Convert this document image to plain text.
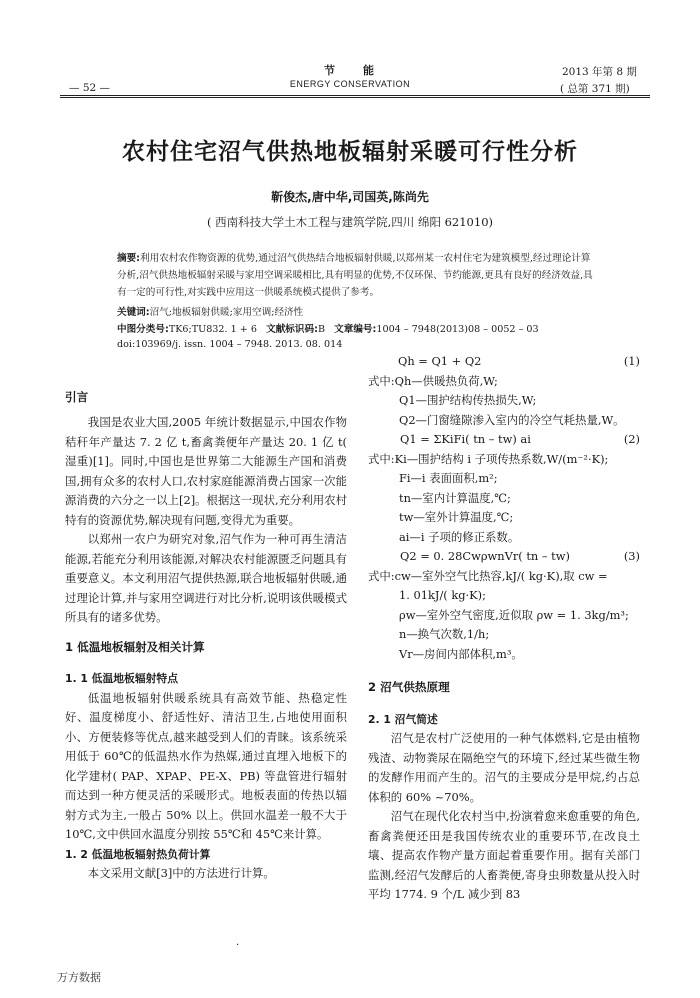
节　　能
ENERGY CONSERVATION
— 52 —
2013 年第 8 期
( 总第 371 期)
农村住宅沼气供热地板辐射采暖可行性分析
靳俊杰,唐中华,司国英,陈尚先
( 西南科技大学土木工程与建筑学院,四川 绵阳 621010)
摘要:利用农村农作物资源的优势,通过沼气供热结合地板辐射供暖,以郑州某一农村住宅为建筑模型,经过理论计算分析,沼气供热地板辐射采暖与家用空调采暖相比,具有明显的优势,不仅环保、节约能源,更具有良好的经济效益,具有一定的可行性,对实践中应用这一供暖系统模式提供了参考。
关键词:沼气;地板辐射供暖;家用空调;经济性
中图分类号:TK6;TU832. 1 + 6 文献标识码:B 文章编号:1004 – 7948(2013)08 – 0052 – 03
doi:103969/j. issn. 1004 – 7948. 2013. 08. 014
引言

我国是农业大国,2005 年统计数据显示,中国农作物秸秆年产量达 7. 2 亿 t,畜禽粪便年产量达 20. 1 亿 t( 湿重)[1]。同时,中国也是世界第二大能源生产国和消费国,拥有众多的农村人口,农村家庭能源消费占国家一次能源消费的六分之一以上[2]。根据这一现状,充分利用农村特有的资源优势,解决现有问题,变得尤为重要。

以郑州一农户为研究对象,沼气作为一种可再生清洁能源,若能充分利用该能源,对解决农村能源匮乏问题具有重要意义。本文利用沼气提供热源,联合地板辐射供暖,通过理论计算,并与家用空调进行对比分析,说明该供暖模式所具有的诸多优势。

1 低温地板辐射及相关计算
1. 1 低温地板辐射特点

低温地板辐射供暖系统具有高效节能、热稳定性好、温度梯度小、舒适性好、清洁卫生,占地使用面积小、方便装修等优点,越来越受到人们的青睐。该系统采用低于 60℃的低温热水作为热媒,通过直埋入地板下的化学建材( PAP、XPAP、PE-X、PB) 等盘管进行辐射而达到一种方便灵活的采暖形式。地板表面的传热以辐射方式为主,一般占 50% 以上。供回水温差一般不大于 10℃,文中供回水温度分别按 55℃和 45℃来计算。

1. 2 低温地板辐射热负荷计算

本文采用文献[3]中的方法进行计算。

Qh = Q1 + Q2	(1)
式中:Qh—供暖热负荷,W;
Q1—围护结构传热损失,W;
Q2—门窗缝隙渗入室内的冷空气耗热量,W。
Q1 = ΣKiFi( tn – tw) ai	(2)
式中:Ki—围护结构 i 子项传热系数,W/(m⁻²·K);
Fi—i 表面面积,m²;
tn—室内计算温度,℃;
tw—室外计算温度,℃;
ai—i 子项的修正系数。
Q2 = 0. 28CwρwnVr( tn – tw)	(3)
式中:cw—室外空气比热容,kJ/( kg·K),取 cw =
1. 01kJ/( kg·K);
ρw—室外空气密度,近似取 ρw = 1. 3kg/m³;
n—换气次数,1/h;
Vr—房间内部体积,m³。
2 沼气供热原理
2. 1 沼气简述

沼气是农村广泛使用的一种气体燃料,它是由植物残渣、动物粪尿在隔绝空气的环境下,经过某些微生物的发酵作用而产生的。沼气的主要成分是甲烷,约占总体积的 60% ~70%。

沼气在现代化农村当中,扮演着愈来愈重要的角色,畜禽粪便还田是我国传统农业的重要环节,在改良土壤、提高农作物产量方面起着重要作用。据有关部门监测,经沼气发酵后的人畜粪便,寄身虫卵数量从投入时平均 1774. 9 个/L 减少到 83

·
万方数据
